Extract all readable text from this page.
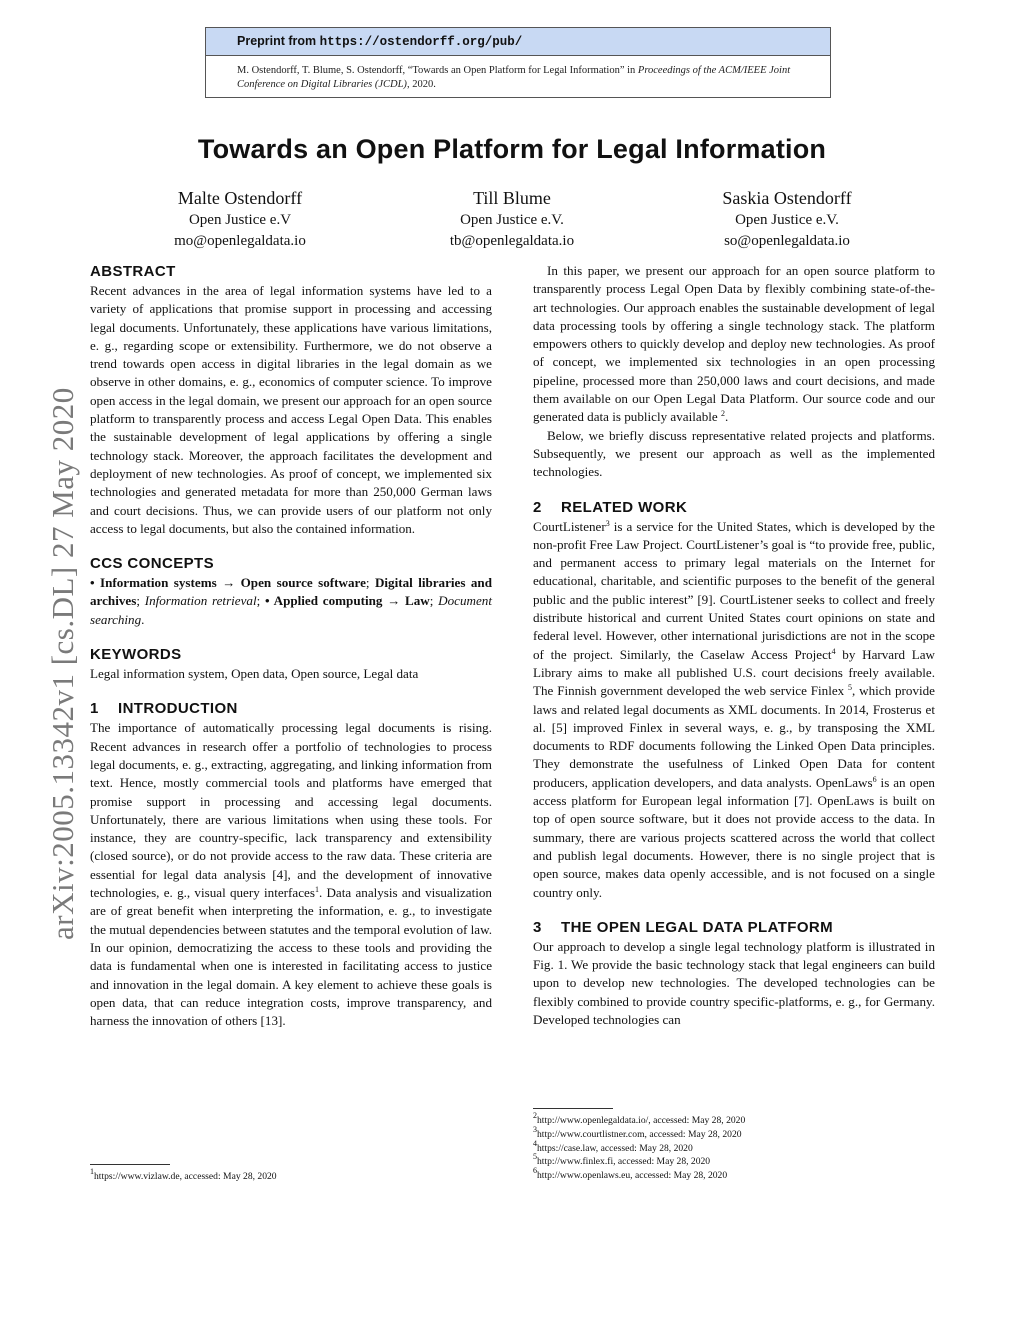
Preprint from https://ostendorff.org/pub/
M. Ostendorff, T. Blume, S. Ostendorff, “Towards an Open Platform for Legal Information” in Proceedings of the ACM/IEEE Joint Conference on Digital Libraries (JCDL), 2020.
Towards an Open Platform for Legal Information
Malte Ostendorff
Open Justice e.V
mo@openlegaldata.io
Till Blume
Open Justice e.V.
tb@openlegaldata.io
Saskia Ostendorff
Open Justice e.V.
so@openlegaldata.io
arXiv:2005.13342v1 [cs.DL] 27 May 2020
ABSTRACT

Recent advances in the area of legal information systems have led to a variety of applications that promise support in processing and accessing legal documents. Unfortunately, these applications have various limitations, e. g., regarding scope or extensibility. Furthermore, we do not observe a trend towards open access in digital libraries in the legal domain as we observe in other domains, e. g., economics of computer science. To improve open access in the legal domain, we present our approach for an open source platform to transparently process and access Legal Open Data. This enables the sustainable development of legal applications by offering a single technology stack. Moreover, the approach facilitates the development and deployment of new technologies. As proof of concept, we implemented six technologies and generated metadata for more than 250,000 German laws and court decisions. Thus, we can provide users of our platform not only access to legal documents, but also the contained information.

CCS CONCEPTS

• Information systems → Open source software; Digital libraries and archives; Information retrieval; • Applied computing → Law; Document searching.

KEYWORDS

Legal information system, Open data, Open source, Legal data

1 INTRODUCTION

The importance of automatically processing legal documents is rising. Recent advances in research offer a portfolio of technologies to process legal documents, e. g., extracting, aggregating, and linking information from text. Hence, mostly commercial tools and platforms have emerged that promise support in processing and accessing legal documents. Unfortunately, there are various limitations when using these tools. For instance, they are country-specific, lack transparency and extensibility (closed source), or do not provide access to the raw data. These criteria are essential for legal data analysis [4], and the development of innovative technologies, e. g., visual query interfaces$^1$. Data analysis and visualization are of great benefit when interpreting the information, e. g., to investigate the mutual dependencies between statutes and the temporal evolution of law. In our opinion, democratizing the access to these tools and providing the data is fundamental when one is interested in facilitating access to justice and innovation in the legal domain. A key element to achieve these goals is open data, that can reduce integration costs, improve transparency, and harness the innovation of others [13].

$^1$https://www.vizlaw.de, accessed: May 28, 2020

In this paper, we present our approach for an open source platform to transparently process Legal Open Data by flexibly combining state-of-the-art technologies. Our approach enables the sustainable development of legal data processing tools by offering a single technology stack. The platform empowers others to quickly develop and deploy new technologies. As proof of concept, we implemented six technologies in an open processing pipeline, processed more than 250,000 laws and court decisions, and made them available on our Open Legal Data Platform. Our source code and our generated data is publicly available $^2$.

Below, we briefly discuss representative related projects and platforms. Subsequently, we present our approach as well as the implemented technologies.

2 RELATED WORK

CourtListener$^3$ is a service for the United States, which is developed by the non-profit Free Law Project. CourtListener’s goal is “to provide free, public, and permanent access to primary legal materials on the Internet for educational, charitable, and scientific purposes to the benefit of the general public and the public interest” [9]. CourtListener seeks to collect and freely distribute historical and current United States court opinions on state and federal level. However, other international jurisdictions are not in the scope of the project. Similarly, the Caselaw Access Project$^4$ by Harvard Law Library aims to make all published U.S. court decisions freely available. The Finnish government developed the web service Finlex $^5$, which provide laws and related legal documents as XML documents. In 2014, Frosterus et al. [5] improved Finlex in several ways, e. g., by transposing the XML documents to RDF documents following the Linked Open Data principles. They demonstrate the usefulness of Linked Open Data for content producers, application developers, and data analysts. OpenLaws$^6$ is an open access platform for European legal information [7]. OpenLaws is built on top of open source software, but it does not provide access to the data. In summary, there are various projects scattered across the world that collect and publish legal documents. However, there is no single project that is open source, makes data openly accessible, and is not focused on a single country only.

3 THE OPEN LEGAL DATA PLATFORM

Our approach to develop a single legal technology platform is illustrated in Fig. 1. We provide the basic technology stack that legal engineers can build upon to develop new technologies. The developed technologies can be flexibly combined to provide country specific-platforms, e. g., for Germany. Developed technologies can

$^2$http://www.openlegaldata.io/, accessed: May 28, 2020
$^3$http://www.courtlistner.com, accessed: May 28, 2020
$^4$https://case.law, accessed: May 28, 2020
$^5$http://www.finlex.fi, accessed: May 28, 2020
$^6$http://www.openlaws.eu, accessed: May 28, 2020
